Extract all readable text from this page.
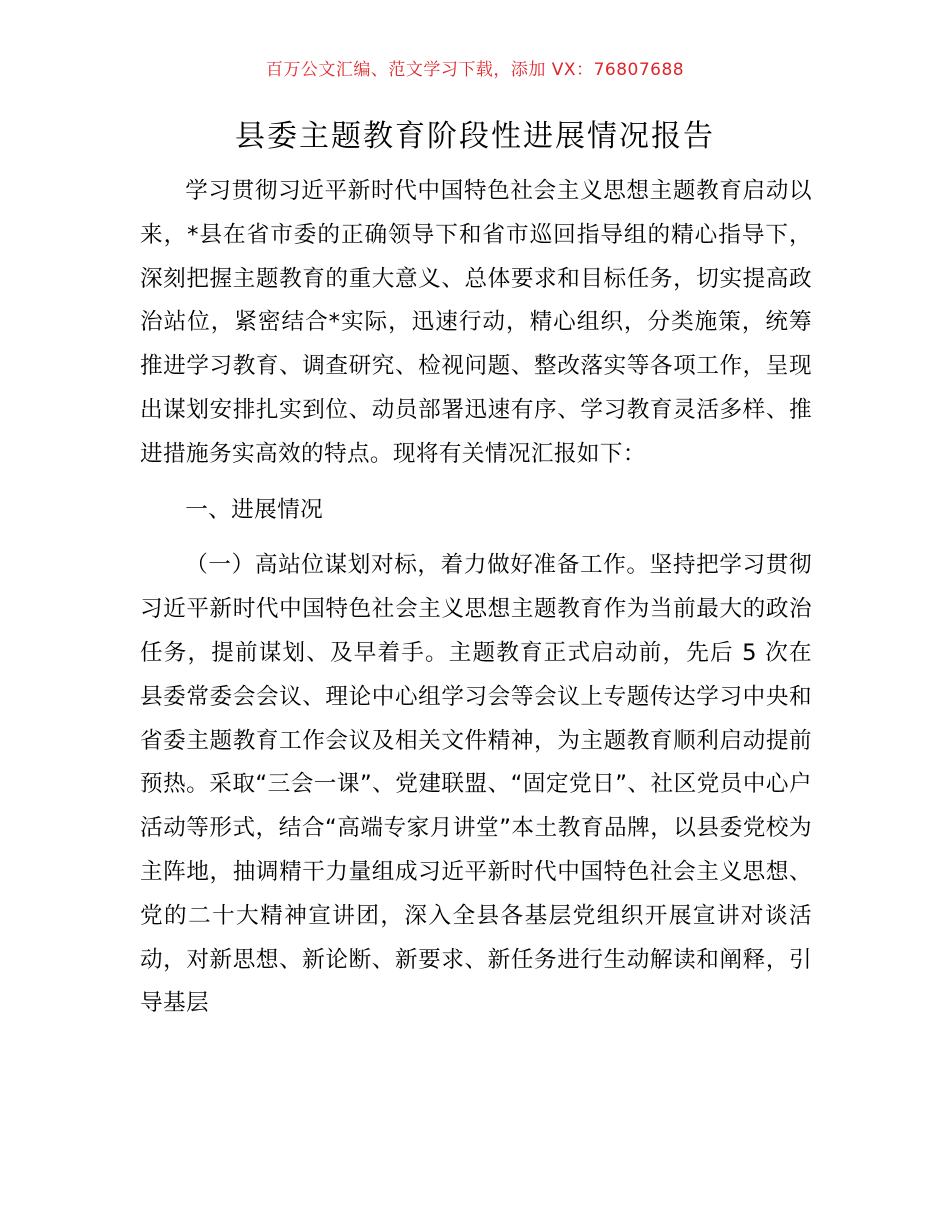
百万公文汇编、范文学习下载，添加 VX：76807688
县委主题教育阶段性进展情况报告

学习贯彻习近平新时代中国特色社会主义思想主题教育启动以来，*县在省市委的正确领导下和省市巡回指导组的精心指导下，深刻把握主题教育的重大意义、总体要求和目标任务，切实提高政治站位，紧密结合*实际，迅速行动，精心组织，分类施策，统筹推进学习教育、调查研究、检视问题、整改落实等各项工作，呈现出谋划安排扎实到位、动员部署迅速有序、学习教育灵活多样、推进措施务实高效的特点。现将有关情况汇报如下：

一、进展情况

（一）高站位谋划对标，着力做好准备工作。坚持把学习贯彻习近平新时代中国特色社会主义思想主题教育作为当前最大的政治任务，提前谋划、及早着手。主题教育正式启动前，先后 5 次在县委常委会会议、理论中心组学习会等会议上专题传达学习中央和省委主题教育工作会议及相关文件精神，为主题教育顺利启动提前预热。采取“三会一课”、党建联盟、“固定党日”、社区党员中心户活动等形式，结合“高端专家月讲堂”本土教育品牌，以县委党校为主阵地，抽调精干力量组成习近平新时代中国特色社会主义思想、党的二十大精神宣讲团，深入全县各基层党组织开展宣讲对谈活动，对新思想、新论断、新要求、新任务进行生动解读和阐释，引导基层
